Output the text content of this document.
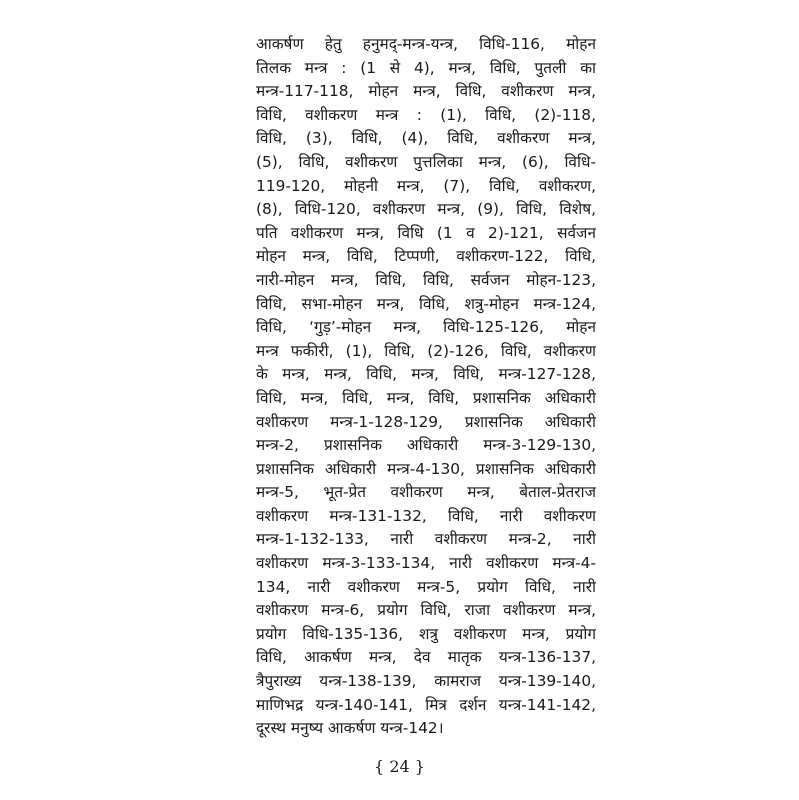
आकर्षण हेतु हनुमद्-मन्त्र-यन्त्र, विधि-116, मोहन
तिलक मन्त्र : (1 से 4), मन्त्र, विधि, पुतली का
मन्त्र-117-118, मोहन मन्त्र, विधि, वशीकरण मन्त्र,
विधि, वशीकरण मन्त्र : (1), विधि, (2)-118,
विधि, (3), विधि, (4), विधि, वशीकरण मन्त्र,
(5), विधि, वशीकरण पुत्तलिका मन्त्र, (6), विधि-
119-120, मोहनी मन्त्र, (7), विधि, वशीकरण,
(8), विधि-120, वशीकरण मन्त्र, (9), विधि, विशेष,
पति वशीकरण मन्त्र, विधि (1 व 2)-121, सर्वजन
मोहन मन्त्र, विधि, टिप्पणी, वशीकरण-122, विधि,
नारी-मोहन मन्त्र, विधि, विधि, सर्वजन मोहन-123,
विधि, सभा-मोहन मन्त्र, विधि, शत्रु-मोहन मन्त्र-124,
विधि, ‘गुड़’-मोहन मन्त्र, विधि-125-126, मोहन
मन्त्र फकीरी, (1), विधि, (2)-126, विधि, वशीकरण
के मन्त्र, मन्त्र, विधि, मन्त्र, विधि, मन्त्र-127-128,
विधि, मन्त्र, विधि, मन्त्र, विधि, प्रशासनिक अधिकारी
वशीकरण मन्त्र-1-128-129, प्रशासनिक अधिकारी
मन्त्र-2, प्रशासनिक अधिकारी मन्त्र-3-129-130,
प्रशासनिक अधिकारी मन्त्र-4-130, प्रशासनिक अधिकारी
मन्त्र-5, भूत-प्रेत वशीकरण मन्त्र, बेताल-प्रेतराज
वशीकरण मन्त्र-131-132, विधि, नारी वशीकरण
मन्त्र-1-132-133, नारी वशीकरण मन्त्र-2, नारी
वशीकरण मन्त्र-3-133-134, नारी वशीकरण मन्त्र-4-
134, नारी वशीकरण मन्त्र-5, प्रयोग विधि, नारी
वशीकरण मन्त्र-6, प्रयोग विधि, राजा वशीकरण मन्त्र,
प्रयोग विधि-135-136, शत्रु वशीकरण मन्त्र, प्रयोग
विधि, आकर्षण मन्त्र, देव मातृक यन्त्र-136-137,
त्रैपुराख्य यन्त्र-138-139, कामराज यन्त्र-139-140,
माणिभद्र यन्त्र-140-141, मित्र दर्शन यन्त्र-141-142,
दूरस्थ मनुष्य आकर्षण यन्त्र-142।
{ 24 }
